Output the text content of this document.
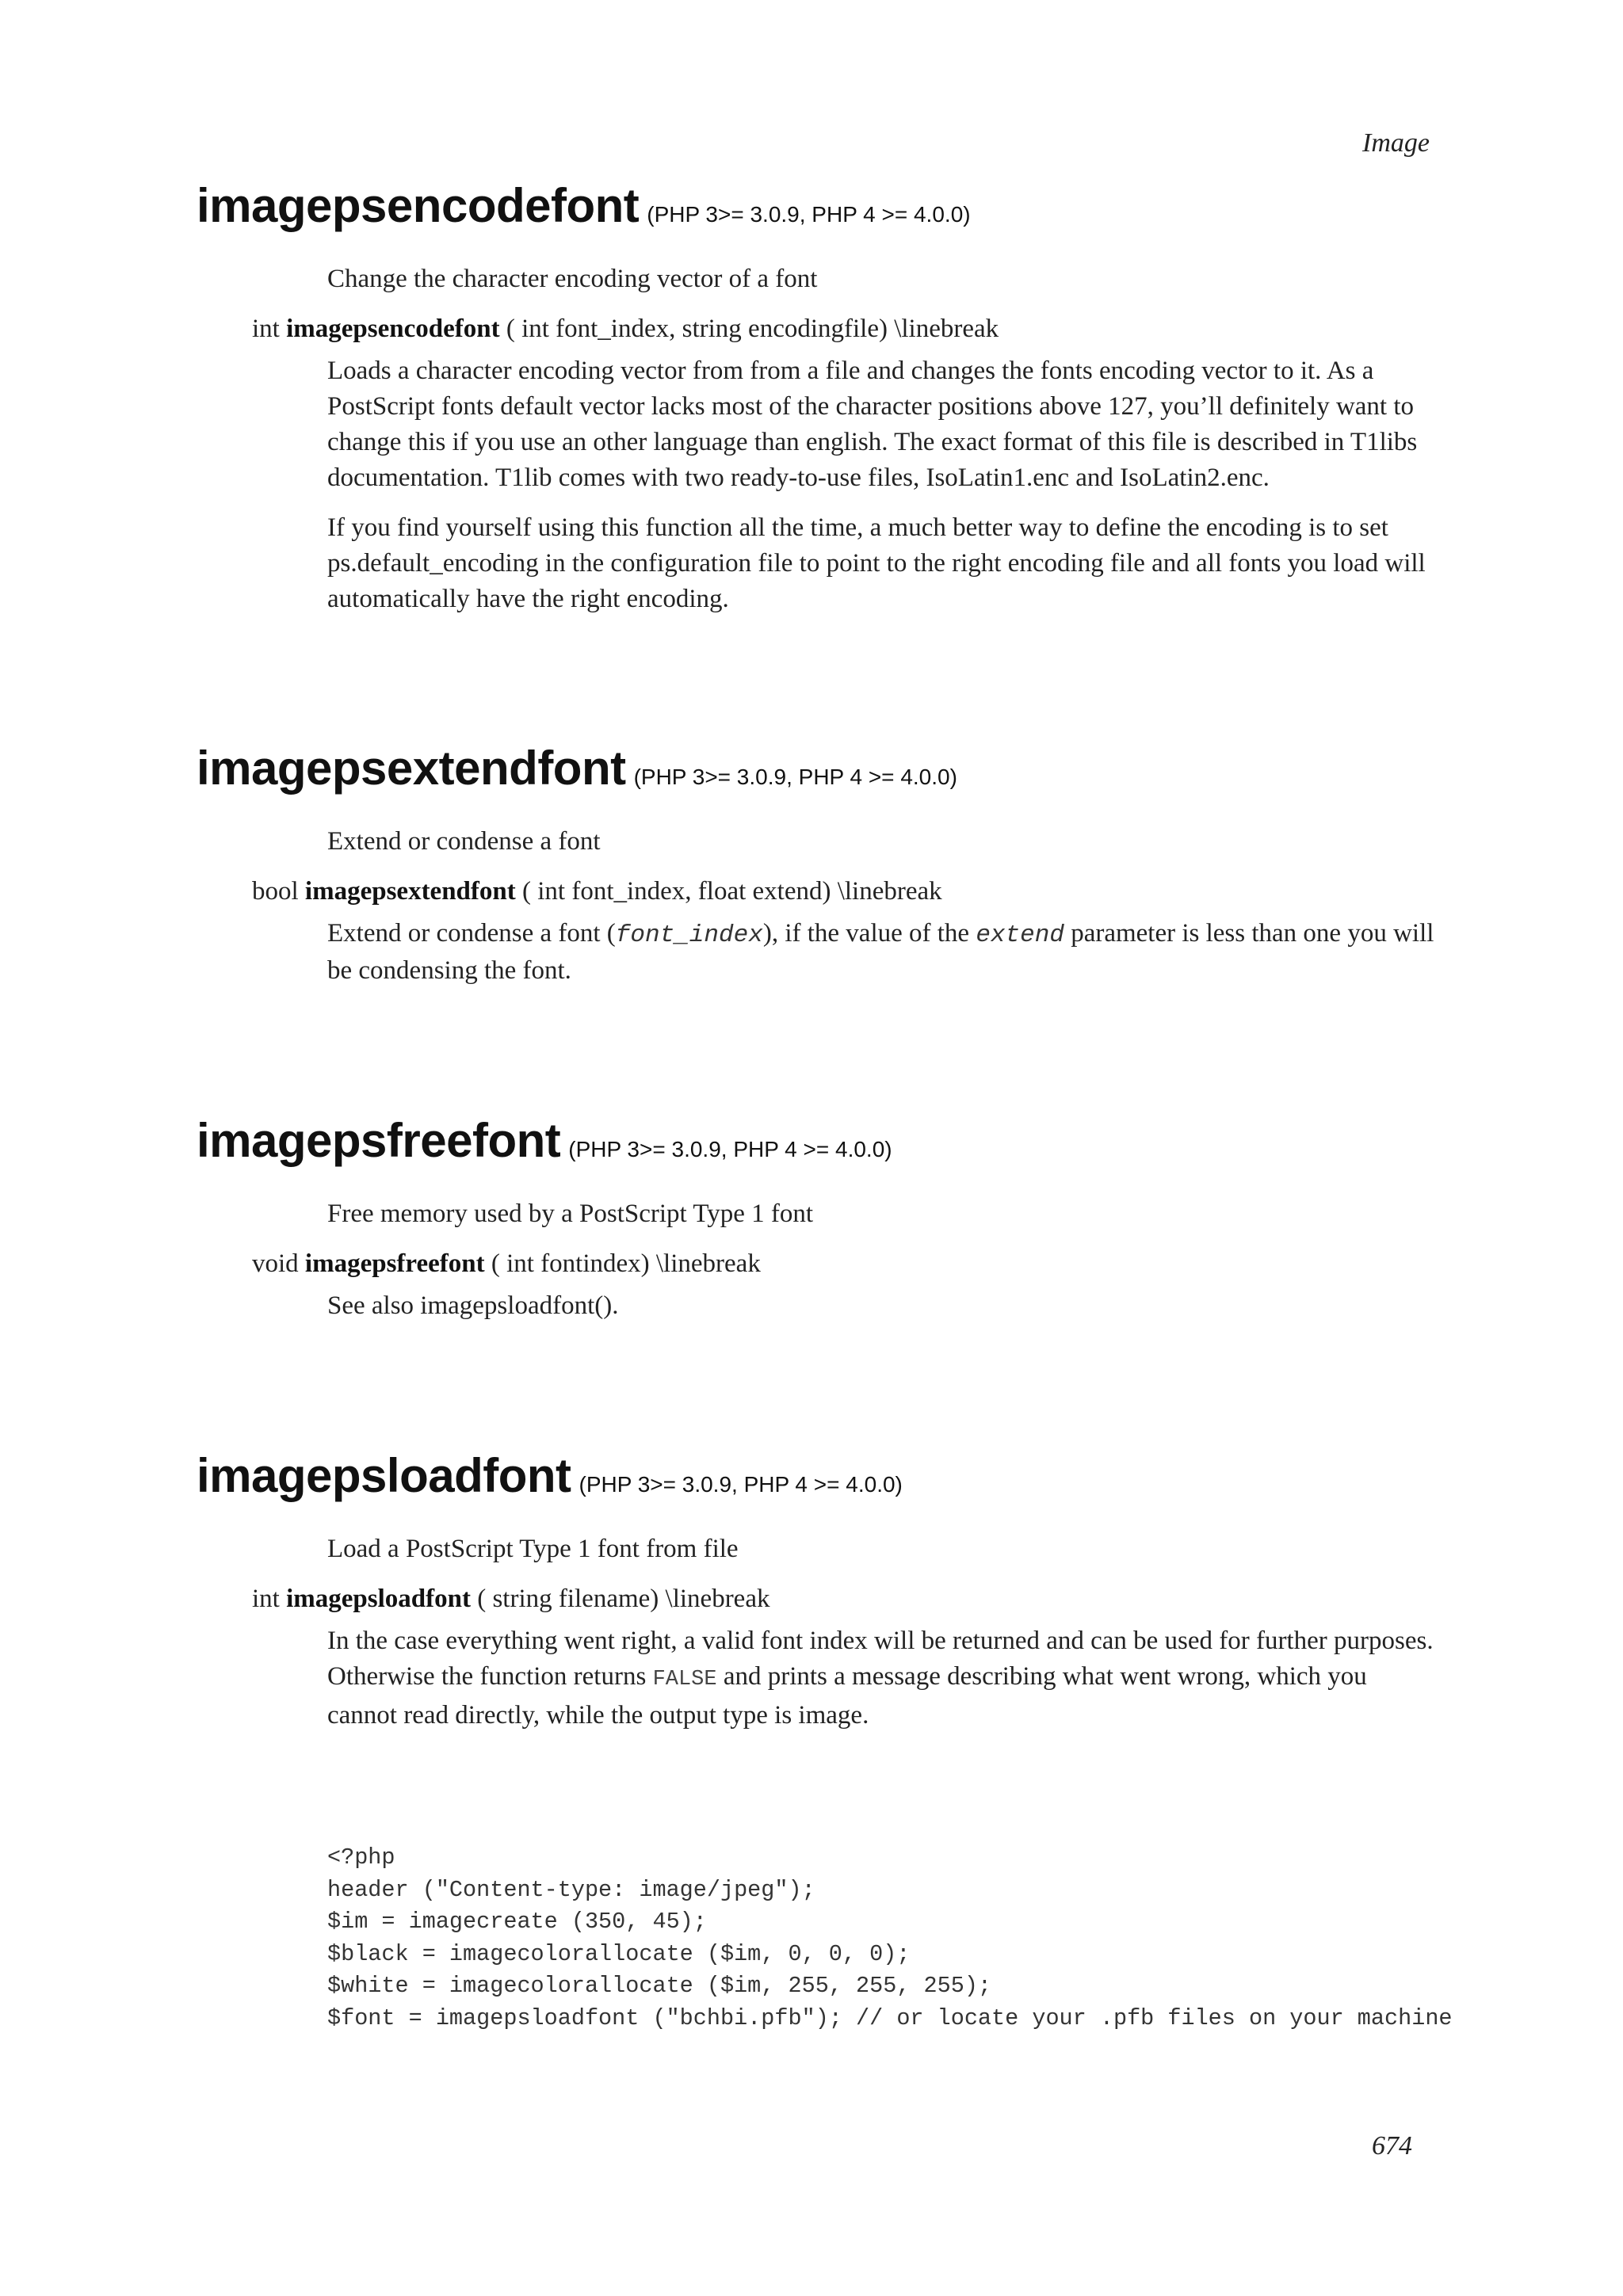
Image
imagepsencodefont (PHP 3>= 3.0.9, PHP 4 >= 4.0.0)
Change the character encoding vector of a font
int imagepsencodefont ( int font_index, string encodingfile) \linebreak
Loads a character encoding vector from from a file and changes the fonts encoding vector to it. As a PostScript fonts default vector lacks most of the character positions above 127, you’ll definitely want to change this if you use an other language than english. The exact format of this file is described in T1libs documentation. T1lib comes with two ready-to-use files, IsoLatin1.enc and IsoLatin2.enc.
If you find yourself using this function all the time, a much better way to define the encoding is to set ps.default_encoding in the configuration file to point to the right encoding file and all fonts you load will automatically have the right encoding.
imagepsextendfont (PHP 3>= 3.0.9, PHP 4 >= 4.0.0)
Extend or condense a font
bool imagepsextendfont ( int font_index, float extend) \linebreak
Extend or condense a font (font_index), if the value of the extend parameter is less than one you will be condensing the font.
imagepsfreefont (PHP 3>= 3.0.9, PHP 4 >= 4.0.0)
Free memory used by a PostScript Type 1 font
void imagepsfreefont ( int fontindex) \linebreak
See also imagepsloadfont().
imagepsloadfont (PHP 3>= 3.0.9, PHP 4 >= 4.0.0)
Load a PostScript Type 1 font from file
int imagepsloadfont ( string filename) \linebreak
In the case everything went right, a valid font index will be returned and can be used for further purposes. Otherwise the function returns FALSE and prints a message describing what went wrong, which you cannot read directly, while the output type is image.
<?php
header ("Content-type: image/jpeg");
$im = imagecreate (350, 45);
$black = imagecolorallocate ($im, 0, 0, 0);
$white = imagecolorallocate ($im, 255, 255, 255);
$font = imagepsloadfont ("bchbi.pfb"); // or locate your .pfb files on your machine
674
